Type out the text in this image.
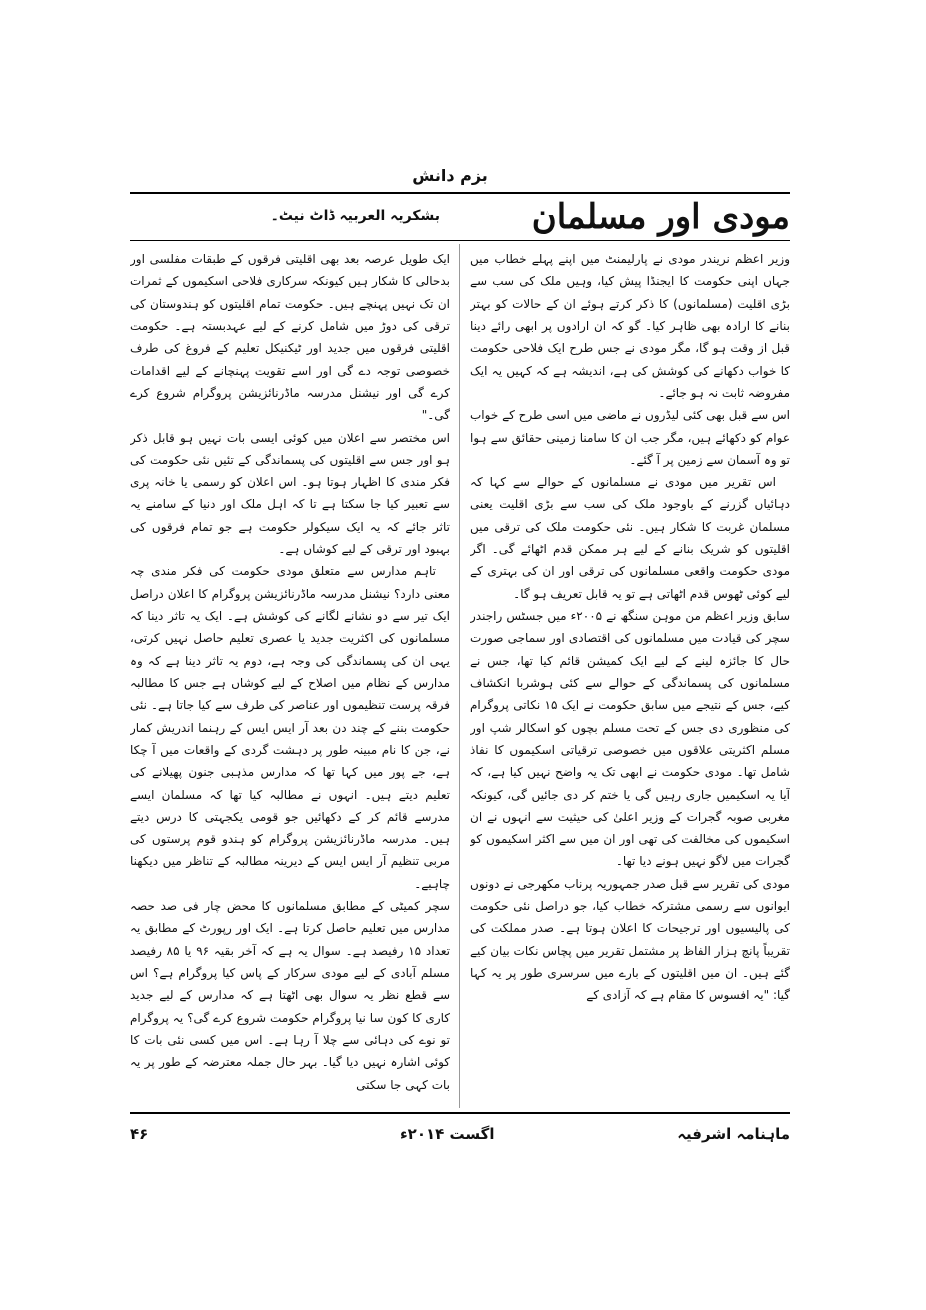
بزم دانش
مودی اور مسلمان
بشکریہ العربیہ ڈاٹ نیٹ۔

وزیر اعظم نریندر مودی نے پارلیمنٹ میں اپنے پہلے خطاب میں جہاں اپنی حکومت کا ایجنڈا پیش کیا، وہیں ملک کی سب سے بڑی اقلیت (مسلمانوں) کا ذکر کرتے ہوئے ان کے حالات کو بہتر بنانے کا ارادہ بھی ظاہر کیا۔ گو کہ ان ارادوں پر ابھی رائے دینا قبل از وقت ہو گا، مگر مودی نے جس طرح ایک فلاحی حکومت کا خواب دکھانے کی کوشش کی ہے، اندیشہ ہے کہ کہیں یہ ایک مفروضہ ثابت نہ ہو جائے۔

اس سے قبل بھی کئی لیڈروں نے ماضی میں اسی طرح کے خواب عوام کو دکھائے ہیں، مگر جب ان کا سامنا زمینی حقائق سے ہوا تو وہ آسمان سے زمین پر آ گئے۔

اس تقریر میں مودی نے مسلمانوں کے حوالے سے کہا کہ دہائیاں گزرنے کے باوجود ملک کی سب سے بڑی اقلیت یعنی مسلمان غربت کا شکار ہیں۔ نئی حکومت ملک کی ترقی میں اقلیتوں کو شریک بنانے کے لیے ہر ممکن قدم اٹھائے گی۔ اگر مودی حکومت واقعی مسلمانوں کی ترقی اور ان کی بہتری کے لیے کوئی ٹھوس قدم اٹھاتی ہے تو یہ قابل تعریف ہو گا۔

سابق وزیر اعظم من موہن سنگھ نے ۲۰۰۵ء میں جسٹس راجندر سچر کی قیادت میں مسلمانوں کی اقتصادی اور سماجی صورت حال کا جائزہ لینے کے لیے ایک کمیشن قائم کیا تھا، جس نے مسلمانوں کی پسماندگی کے حوالے سے کئی ہوشربا انکشاف کیے، جس کے نتیجے میں سابق حکومت نے ایک ۱۵ نکاتی پروگرام کی منظوری دی جس کے تحت مسلم بچوں کو اسکالر شپ اور مسلم اکثریتی علاقوں میں خصوصی ترقیاتی اسکیموں کا نفاذ شامل تھا۔ مودی حکومت نے ابھی تک یہ واضح نہیں کیا ہے، کہ آیا یہ اسکیمیں جاری رہیں گی یا ختم کر دی جائیں گی، کیونکہ مغربی صوبہ گجرات کے وزیر اعلیٰ کی حیثیت سے انہوں نے ان اسکیموں کی مخالفت کی تھی اور ان میں سے اکثر اسکیموں کو گجرات میں لاگو نہیں ہونے دیا تھا۔

مودی کی تقریر سے قبل صدر جمہوریہ پرناب مکھرجی نے دونوں ایوانوں سے رسمی مشترکہ خطاب کیا، جو دراصل نئی حکومت کی پالیسیوں اور ترجیحات کا اعلان ہوتا ہے۔ صدر مملکت کی تقریباً پانچ ہزار الفاظ پر مشتمل تقریر میں پچاس نکات بیان کیے گئے ہیں۔ ان میں اقلیتوں کے بارے میں سرسری طور پر یہ کہا گیا: "یہ افسوس کا مقام ہے کہ آزادی کے

ایک طویل عرصہ بعد بھی اقلیتی فرقوں کے طبقات مفلسی اور بدحالی کا شکار ہیں کیونکہ سرکاری فلاحی اسکیموں کے ثمرات ان تک نہیں پہنچے ہیں۔ حکومت تمام اقلیتوں کو ہندوستان کی ترقی کی دوڑ میں شامل کرنے کے لیے عہدبستہ ہے۔ حکومت اقلیتی فرقوں میں جدید اور ٹیکنیکل تعلیم کے فروغ کی طرف خصوصی توجہ دے گی اور اسے تقویت پہنچانے کے لیے اقدامات کرے گی اور نیشنل مدرسہ ماڈرنائزیشن پروگرام شروع کرے گی۔"

اس مختصر سے اعلان میں کوئی ایسی بات نہیں ہو قابل ذکر ہو اور جس سے اقلیتوں کی پسماندگی کے تئیں نئی حکومت کی فکر مندی کا اظہار ہوتا ہو۔ اس اعلان کو رسمی یا خانہ پری سے تعبیر کیا جا سکتا ہے تا کہ اہل ملک اور دنیا کے سامنے یہ تاثر جائے کہ یہ ایک سیکولر حکومت ہے جو تمام فرقوں کی بہبود اور ترقی کے لیے کوشاں ہے۔

تاہم مدارس سے متعلق مودی حکومت کی فکر مندی چہ معنی دارد؟ نیشنل مدرسہ ماڈرنائزیشن پروگرام کا اعلان دراصل ایک تیر سے دو نشانے لگانے کی کوشش ہے۔ ایک یہ تاثر دینا کہ مسلمانوں کی اکثریت جدید یا عصری تعلیم حاصل نہیں کرتی، یہی ان کی پسماندگی کی وجہ ہے، دوم یہ تاثر دینا ہے کہ وہ مدارس کے نظام میں اصلاح کے لیے کوشاں ہے جس کا مطالبہ فرقہ پرست تنظیموں اور عناصر کی طرف سے کیا جاتا ہے۔ نئی حکومت بننے کے چند دن بعد آر ایس ایس کے رہنما اندریش کمار نے، جن کا نام مبینہ طور پر دہشت گردی کے واقعات میں آ چکا ہے، جے پور میں کہا تھا کہ مدارس مذہبی جنون پھیلانے کی تعلیم دیتے ہیں۔ انہوں نے مطالبہ کیا تھا کہ مسلمان ایسے مدرسے قائم کر کے دکھائیں جو قومی یکجہتی کا درس دیتے ہیں۔ مدرسہ ماڈرنائزیشن پروگرام کو ہندو قوم پرستوں کی مربی تنظیم آر ایس ایس کے دیرینہ مطالبہ کے تناظر میں دیکھنا چاہیے۔

سچر کمیٹی کے مطابق مسلمانوں کا محض چار فی صد حصہ مدارس میں تعلیم حاصل کرتا ہے۔ ایک اور رپورٹ کے مطابق یہ تعداد ۱۵ رفیصد ہے۔ سوال یہ ہے کہ آخر بقیہ ۹۶ یا ۸۵ رفیصد مسلم آبادی کے لیے مودی سرکار کے پاس کیا پروگرام ہے؟ اس سے قطع نظر یہ سوال بھی اٹھتا ہے کہ مدارس کے لیے جدید کاری کا کون سا نیا پروگرام حکومت شروع کرے گی؟ یہ پروگرام تو نوے کی دہائی سے چلا آ رہا ہے۔ اس میں کسی نئی بات کا کوئی اشارہ نہیں دیا گیا۔ بہر حال جملہ معترضہ کے طور پر یہ بات کہی جا سکتی

۴۶	اگست ۲۰۱۴ء	ماہنامہ اشرفیہ
